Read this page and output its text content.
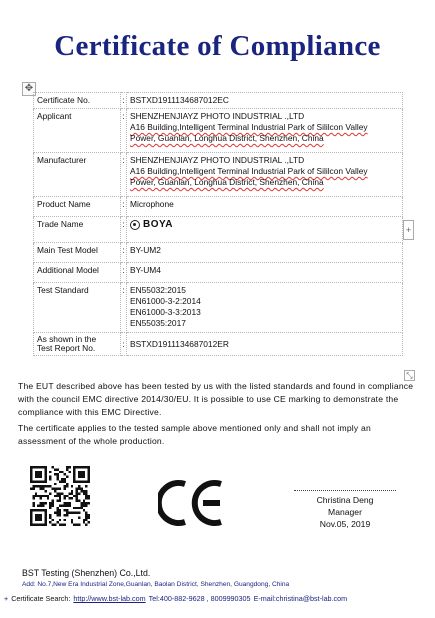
Certificate of Compliance
✥
Certificate No.	:	BSTXD1911134687012EC
Applicant	:	SHENZHENJIAYZ PHOTO INDUSTRIAL .,LTD
A16 Building,Intelligent Terminal Industrial Park of Sililcon Valley
Power, Guanlan, Longhua District, Shenzhen, China

Manufacturer	:	SHENZHENJIAYZ PHOTO INDUSTRIAL .,LTD
A16 Building,Intelligent Terminal Industrial Park of Sililcon Valley
Power, Guanlan, Longhua District, Shenzhen, China

Product Name	:	Microphone
Trade Name	:	BOYA

Main Test Model	:	BY-UM2
Additional Model	:	BY-UM4
Test Standard	:	EN55032:2015
EN61000-3-2:2014
EN61000-3-3:2013
EN55035:2017

As shown in the
Test Report No.	:	BSTXD1911134687012ER
+
⤡
The EUT described above has been tested by us with the listed standards and found in compliance with the council EMC directive 2014/30/EU. It is possible to use CE marking to demonstrate the compliance with this EMC Directive.
The certificate applies to the tested sample above mentioned only and shall not imply an assessment of the whole production.
Christina Deng
Manager
Nov.05, 2019
BST Testing (Shenzhen) Co.,Ltd.
Add: No.7,New Era Industrial Zone,Guanlan, Baolan District, Shenzhen, Guangdong, China
+ Certificate Search: http://www.bst-lab.com Tel:400-882-9628 , 8009990305 E-mail:christina@bst-lab.com
